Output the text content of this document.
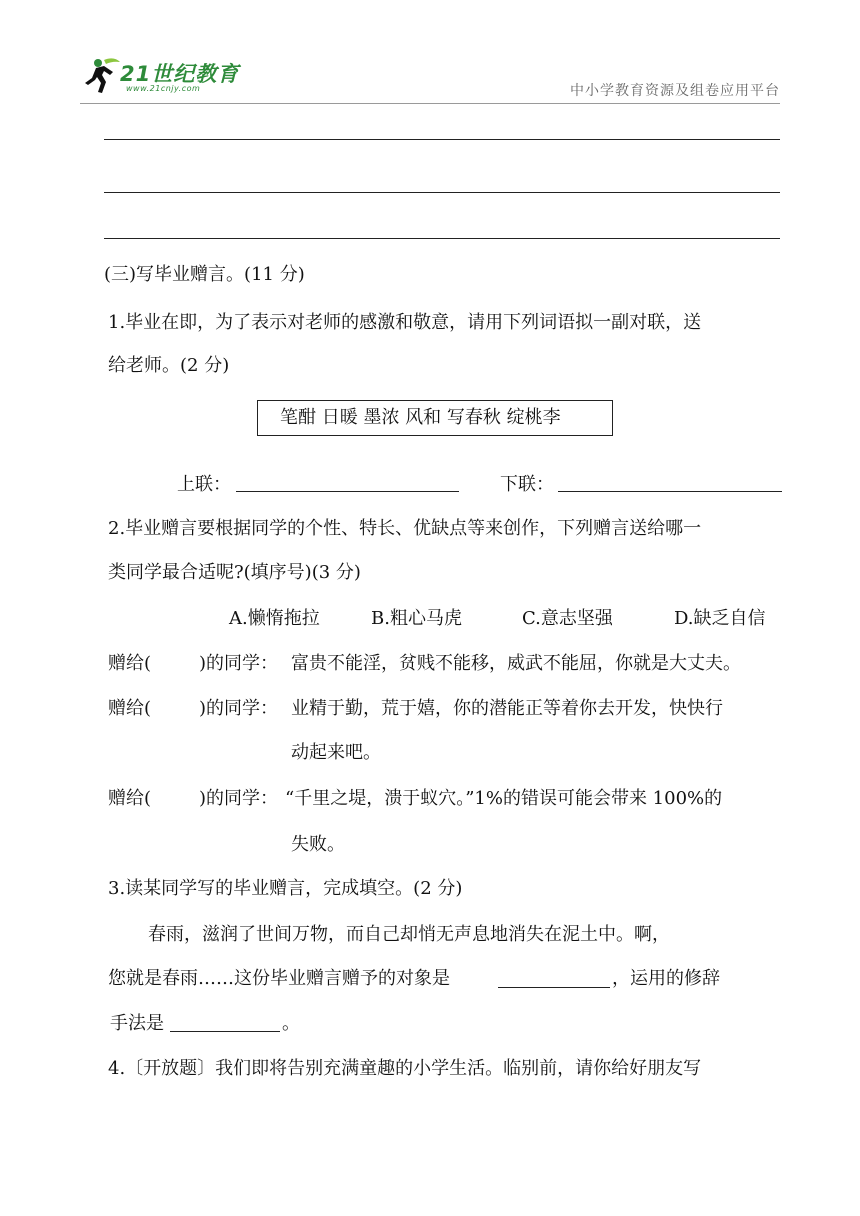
21世纪教育
www.21cnjy.com	中小学教育资源及组卷应用平台
(三)写毕业赠言。(11 分)
1.毕业在即，为了表示对老师的感激和敬意，请用下列词语拟一副对联，送
给老师。(2 分)
笔酣 日暖 墨浓 风和 写春秋 绽桃李
上联：	下联：
2.毕业赠言要根据同学的个性、特长、优缺点等来创作，下列赠言送给哪一
类同学最合适呢?(填序号)(3 分)
A.懒惰拖拉	B.粗心马虎	C.意志坚强	D.缺乏自信
赠给(	)的同学： 富贵不能淫，贫贱不能移，威武不能屈，你就是大丈夫。
赠给(	)的同学： 业精于勤，荒于嬉，你的潜能正等着你去开发，快快行
动起来吧。
赠给(	)的同学： “千里之堤，溃于蚁穴。”1%的错误可能会带来 100%的
失败。
3.读某同学写的毕业赠言，完成填空。(2 分)
春雨，滋润了世间万物，而自己却悄无声息地消失在泥土中。啊，
您就是春雨……这份毕业赠言赠予的对象是	，运用的修辞
手法是	。
4.〔开放题〕我们即将告别充满童趣的小学生活。临别前，请你给好朋友写
